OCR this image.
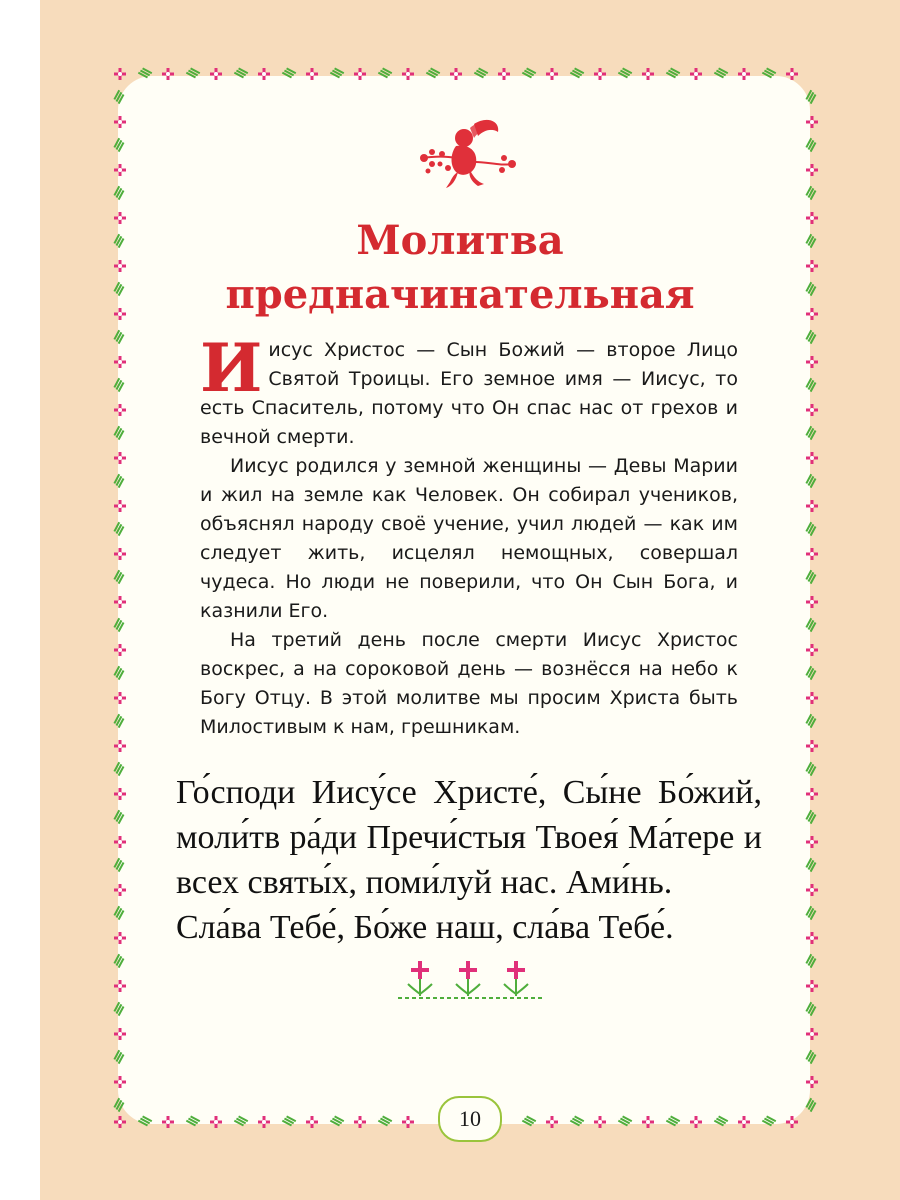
Молитва
предначинательная

Иисус Христос — Сын Божий — второе Лицо Святой Троицы. Его земное имя — Иисус, то есть Спаситель, потому что Он спас нас от грехов и вечной смерти.

Иисус родился у земной женщины — Девы Марии и жил на земле как Человек. Он собирал учеников, объяснял народу своё учение, учил людей — как им следует жить, исцелял немощных, совершал чудеса. Но люди не поверили, что Он Сын Бога, и казнили Его.

На третий день после смерти Иисус Христос воскрес, а на сороковой день — вознёсся на небо к Богу Отцу. В этой молитве мы просим Христа быть Милостивым к нам, грешникам.

Го́споди Иису́се Христе́, Сы́не Бо́жий, моли́тв ра́ди Пречи́стыя Твоея́ Ма́тере и всех святы́х, поми́луй нас. Ами́нь.

Сла́ва Тебе́, Бо́же наш, сла́ва Тебе́.

10
